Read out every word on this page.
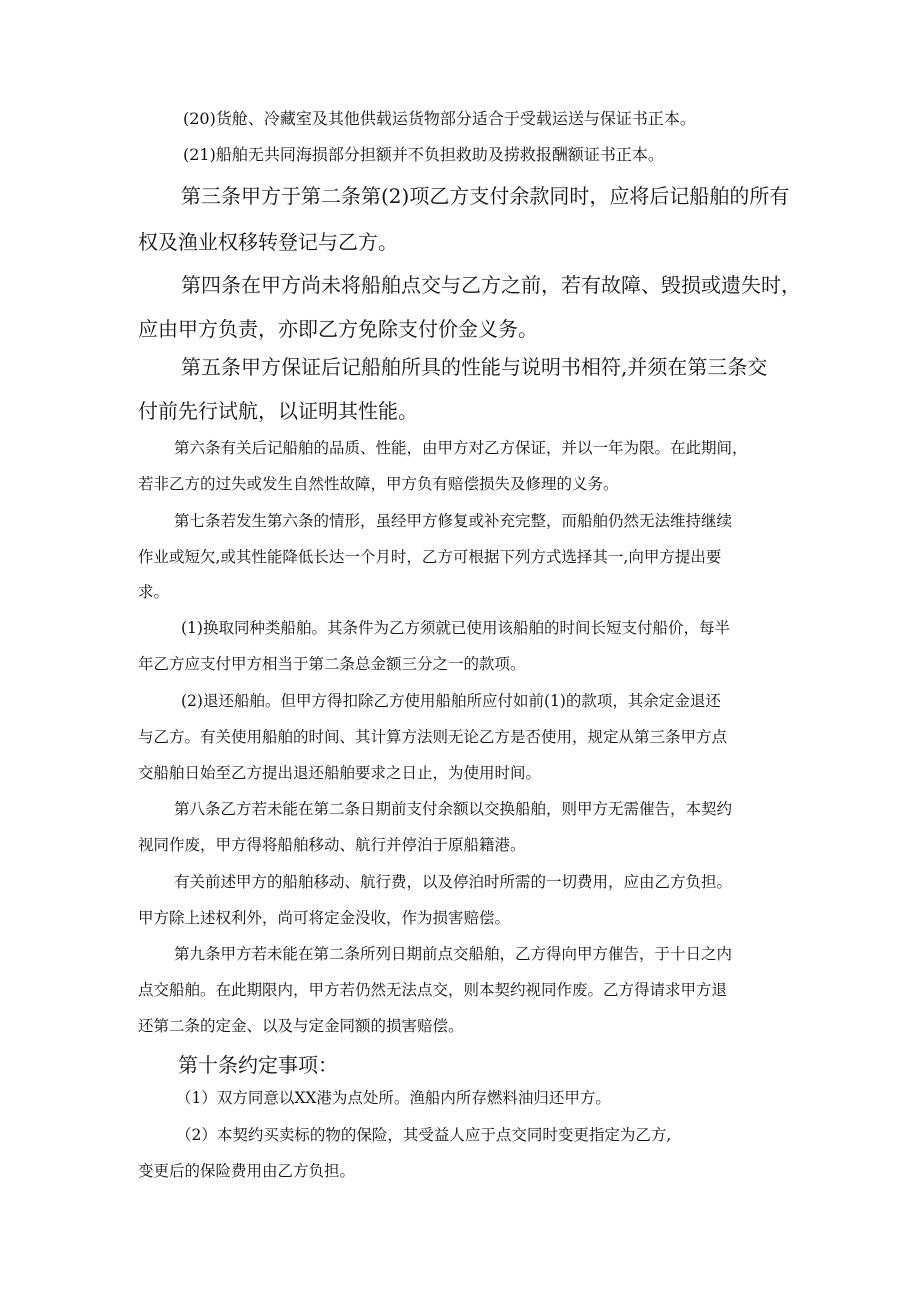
(20)货舱、冷藏室及其他供载运货物部分适合于受载运送与保证书正本。

(21)船舶无共同海损部分担额并不负担救助及捞救报酬额证书正本。

第三条甲方于第二条第(2)项乙方支付余款同时，应将后记船舶的所有

权及渔业权移转登记与乙方。

第四条在甲方尚未将船舶点交与乙方之前，若有故障、毁损或遗失时，

应由甲方负责，亦即乙方免除支付价金义务。

第五条甲方保证后记船舶所具的性能与说明书相符,并须在第三条交

付前先行试航，以证明其性能。

第六条有关后记船舶的品质、性能，由甲方对乙方保证，并以一年为限。在此期间，

若非乙方的过失或发生自然性故障，甲方负有赔偿损失及修理的义务。

第七条若发生第六条的情形，虽经甲方修复或补充完整，而船舶仍然无法维持继续

作业或短欠,或其性能降低长达一个月时，乙方可根据下列方式选择其一,向甲方提出要

求。

(1)换取同种类船舶。其条件为乙方须就已使用该船舶的时间长短支付船价，每半

年乙方应支付甲方相当于第二条总金额三分之一的款项。

(2)退还船舶。但甲方得扣除乙方使用船舶所应付如前(1)的款项，其余定金退还

与乙方。有关使用船舶的时间、其计算方法则无论乙方是否使用，规定从第三条甲方点

交船舶日始至乙方提出退还船舶要求之日止，为使用时间。

第八条乙方若未能在第二条日期前支付余额以交换船舶，则甲方无需催告，本契约

视同作废，甲方得将船舶移动、航行并停泊于原船籍港。

有关前述甲方的船舶移动、航行费，以及停泊时所需的一切费用，应由乙方负担。

甲方除上述权利外，尚可将定金没收，作为损害赔偿。

第九条甲方若未能在第二条所列日期前点交船舶，乙方得向甲方催告，于十日之内

点交船舶。在此期限内，甲方若仍然无法点交，则本契约视同作废。乙方得请求甲方退

还第二条的定金、以及与定金同额的损害赔偿。

第十条约定事项：

（1）双方同意以XX港为点处所。渔船内所存燃料油归还甲方。

（2）本契约买卖标的物的保险，其受益人应于点交同时变更指定为乙方,

变更后的保险费用由乙方负担。
